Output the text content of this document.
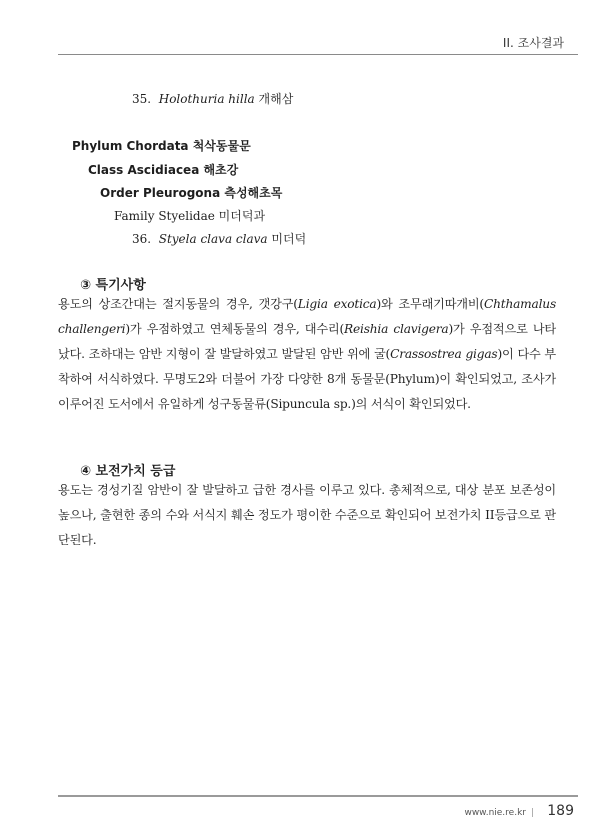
II. 조사결과
35. Holothuria hilla 개해삼
Phylum Chordata 척삭동물문
Class Ascidiacea 해초강
Order Pleurogona 측성해초목
Family Styelidae 미더덕과
36. Styela clava clava 미더덕
③ 특기사항
용도의 상조간대는 절지동물의 경우, 갯강구(Ligia exotica)와 조무래기따개비(Chthamalus challengeri)가 우점하였고 연체동물의 경우, 대수리(Reishia clavigera)가 우점적으로 나타났다. 조하대는 암반 지형이 잘 발달하였고 발달된 암반 위에 굴(Crassostrea gigas)이 다수 부착하여 서식하였다. 무명도2와 더불어 가장 다양한 8개 동물문(Phylum)이 확인되었고, 조사가 이루어진 도서에서 유일하게 성구동물류(Sipuncula sp.)의 서식이 확인되었다.
④ 보전가치 등급
용도는 경성기질 암반이 잘 발달하고 급한 경사를 이루고 있다. 총체적으로, 대상 분포 보존성이 높으나, 출현한 종의 수와 서식지 훼손 정도가 평이한 수준으로 확인되어 보전가치 II등급으로 판단된다.
www.nie.re.kr | 189
